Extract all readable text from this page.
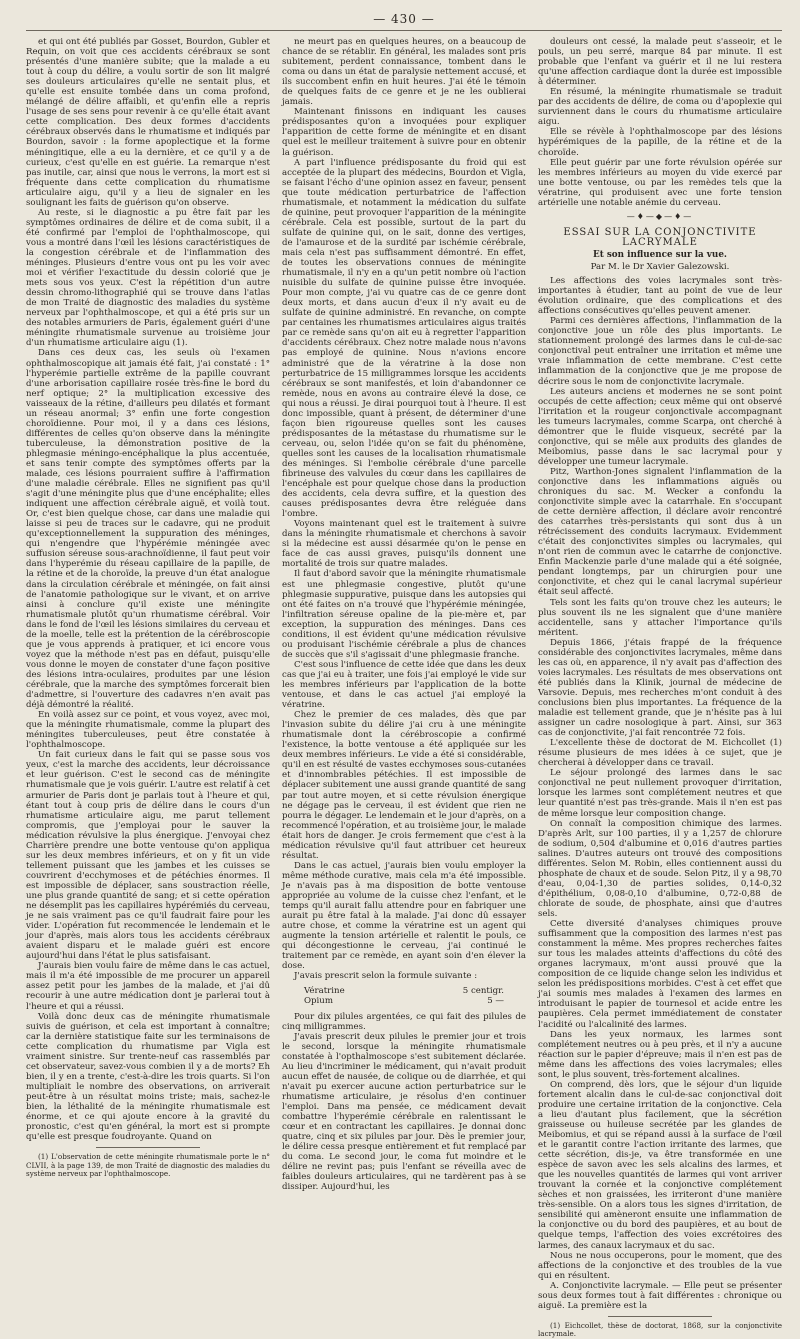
— 430 —

et qui ont été publiés par Gosset, Bourdon, Gubler et Requin, on voit que ces accidents cérébraux se sont présentés d'une manière subite; que la malade a eu tout à coup du délire, a voulu sortir de son lit malgré ses douleurs articulaires qu'elle ne sentait plus, et qu'elle est ensuite tombée dans un coma profond, mélangé de délire affaibli, et qu'enfin elle a repris l'usage de ses sens pour revenir à ce qu'elle était avant cette complication. Des deux formes d'accidents cérébraux observés dans le rhumatisme et indiqués par Bourdon, savoir : la forme apoplectique et la forme méningitique, elle a eu la dernière, et ce qu'il y a de curieux, c'est qu'elle en est guérie. La remarque n'est pas inutile, car, ainsi que nous le verrons, la mort est si fréquente dans cette complication du rhumatisme articulaire aigu, qu'il y a lieu de signaler en les soulignant les faits de guérison qu'on observe.

Au reste, si le diagnostic a pu être fait par les symptômes ordinaires de délire et de coma subit, il a été confirmé par l'emploi de l'ophthalmoscope, qui vous a montré dans l'œil les lésions caractéristiques de la congestion cérébrale et de l'inflammation des méninges. Plusieurs d'entre vous ont pu les voir avec moi et vérifier l'exactitude du dessin colorié que je mets sous vos yeux. C'est la répétition d'un autre dessin chromo-lithographié qui se trouve dans l'atlas de mon Traité de diagnostic des maladies du système nerveux par l'ophthalmoscope, et qui a été pris sur un des notables armuriers de Paris, également guéri d'une méningite rhumatismale survenue au troisième jour d'un rhumatisme articulaire aigu (1).

Dans ces deux cas, les seuls où l'examen ophthalmoscopique ait jamais été fait, j'ai constaté : 1° l'hyperémie partielle extrême de la papille couvrant d'une arborisation capillaire rosée très-fine le bord du nerf optique; 2° la multiplication excessive des vaisseaux de la rétine, d'ailleurs peu dilatés et formant un réseau anormal; 3° enfin une forte congestion choroïdienne. Pour moi, il y a dans ces lésions, différentes de celles qu'on observe dans la méningite tuberculeuse, la démonstration positive de la phlegmasie méningo-encéphalique la plus accentuée, et sans tenir compte des symptômes offerts par la malade, ces lésions pourraient suffire à l'affirmation d'une maladie cérébrale. Elles ne signifient pas qu'il s'agit d'une méningite plus que d'une encéphalite; elles indiquent une affection cérébrale aiguë, et voilà tout. Or, c'est bien quelque chose, car dans une maladie qui laisse si peu de traces sur le cadavre, qui ne produit qu'exceptionnellement la suppuration des méninges, qui n'engendre que l'hypérémie méningée avec suffusion séreuse sous-arachnoïdienne, il faut peut voir dans l'hyperémie du réseau capillaire de la papille, de la rétine et de la choroïde, la preuve d'un état analogue dans la circulation cérébrale et méningée, on fait ainsi de l'anatomie pathologique sur le vivant, et on arrive ainsi à conclure qu'il existe une méningite rhumatismale plutôt qu'un rhumatisme cérébral. Voir dans le fond de l'œil les lésions similaires du cerveau et de la moelle, telle est la prétention de la cérébroscopie que je vous apprends à pratiquer, et ici encore vous voyez que la méthode n'est pas en défaut, puisqu'elle vous donne le moyen de constater d'une façon positive des lésions intra-oculaires, produites par une lésion cérébrale, que la marche des symptômes forcerait bien d'admettre, si l'ouverture des cadavres n'en avait pas déjà démontré la réalité.

En voilà assez sur ce point, et vous voyez, avec moi, que la méningite rhumatismale, comme la plupart des méningites tuberculeuses, peut être constatée à l'ophthalmoscope.

Un fait curieux dans le fait qui se passe sous vos yeux, c'est la marche des accidents, leur décroissance et leur guérison. C'est le second cas de méningite rhumatismale que je vois guérir. L'autre est relatif à cet armurier de Paris dont je parlais tout à l'heure et qui, étant tout à coup pris de délire dans le cours d'un rhumatisme articulaire aigu, me parut tellement compromis, que j'employai pour le sauver la médication révulsive la plus énergique. J'envoyai chez Charrière prendre une botte ventouse qu'on appliqua sur les deux membres inférieurs, et on y fit un vide tellement puissant que les jambes et les cuisses se couvrirent d'ecchymoses et de pétéchies énormes. Il est impossible de déplacer, sans soustraction réelle, une plus grande quantité de sang; et si cette opération ne désemplit pas les capillaires hypérémiés du cerveau, je ne sais vraiment pas ce qu'il faudrait faire pour les vider. L'opération fut recommencée le lendemain et le jour d'après, mais alors tous les accidents cérébraux avaient disparu et le malade guéri est encore aujourd'hui dans l'état le plus satisfaisant.

J'aurais bien voulu faire de même dans le cas actuel, mais il m'a été impossible de me procurer un appareil assez petit pour les jambes de la malade, et j'ai dû recourir à une autre médication dont je parlerai tout à l'heure et qui a réussi.

Voilà donc deux cas de méningite rhumatismale suivis de guérison, et cela est important à connaître; car la dernière statistique faite sur les terminaisons de cette complication du rhumatisme par Vigla est vraiment sinistre. Sur trente-neuf cas rassemblés par cet observateur, savez-vous combien il y a de morts? Eh bien, il y en a trente, c'est-à-dire les trois quarts. Si l'on multipliait le nombre des observations, on arriverait peut-être à un résultat moins triste; mais, sachez-le bien, la léthalité de la méningite rhumatismale est énorme, et ce qui ajoute encore à la gravité du pronostic, c'est qu'en général, la mort est si prompte qu'elle est presque foudroyante. Quand on

(1) L'observation de cette méningite rhumatismale porte le n° CLVII, à la page 139, de mon Traité de diagnostic des maladies du système nerveux par l'ophthalmoscope.

ne meurt pas en quelques heures, on a beaucoup de chance de se rétablir. En général, les malades sont pris subitement, perdent connaissance, tombent dans le coma ou dans un état de paralysie nettement accusé, et ils succombent enfin en huit heures. J'ai été le témoin de quelques faits de ce genre et je ne les oublierai jamais.

Maintenant finissons en indiquant les causes prédisposantes qu'on a invoquées pour expliquer l'apparition de cette forme de méningite et en disant quel est le meilleur traitement à suivre pour en obtenir la guérison.

A part l'influence prédisposante du froid qui est acceptée de la plupart des médecins, Bourdon et Vigla, se faisant l'écho d'une opinion assez en faveur, pensent que toute médication perturbatrice de l'affection rhumatismale, et notamment la médication du sulfate de quinine, peut provoquer l'apparition de la méningite cérébrale. Cela est possible, surtout de la part du sulfate de quinine qui, on le sait, donne des vertiges, de l'amaurose et de la surdité par ischémie cérébrale, mais cela n'est pas suffisamment démontré. En effet, de toutes les observations connues de méningite rhumatismale, il n'y en a qu'un petit nombre où l'action nuisible du sulfate de quinine puisse être invoquée. Pour mon compte, j'ai vu quatre cas de ce genre dont deux morts, et dans aucun d'eux il n'y avait eu de sulfate de quinine administré. En revanche, on compte par centaines les rhumatismes articulaires aigus traités par ce remède sans qu'on ait eu à regretter l'apparition d'accidents cérébraux. Chez notre malade nous n'avons pas employé de quinine. Nous n'avions encore administré que de la vératrine à la dose non perturbatrice de 15 milligrammes lorsque les accidents cérébraux se sont manifestés, et loin d'abandonner ce remède, nous en avons au contraire élevé la dose, ce qui nous a réussi. Je dirai pourquoi tout à l'heure. Il est donc impossible, quant à présent, de déterminer d'une façon bien rigoureuse quelles sont les causes prédisposantes de la métastase du rhumatisme sur le cerveau, ou, selon l'idée qu'on se fait du phénomène, quelles sont les causes de la localisation rhumatismale des méninges. Si l'embolie cérébrale d'une parcelle fibrineuse des valvules du cœur dans les capillaires de l'encéphale est pour quelque chose dans la production des accidents, cela devra suffire, et la question des causes prédisposantes devra être reléguée dans l'ombre.

Voyons maintenant quel est le traitement à suivre dans la méningite rhumatismale et cherchons à savoir si la médecine est aussi désarmée qu'on le pense en face de cas aussi graves, puisqu'ils donnent une mortalité de trois sur quatre malades.

Il faut d'abord savoir que la méningite rhumatismale est une phlegmasie congestive, plutôt qu'une phlegmasie suppurative, puisque dans les autopsies qui ont été faites on n'a trouvé que l'hypérémie méningée, l'infiltration séreuse opaline de la pie-mère et, par exception, la suppuration des méninges. Dans ces conditions, il est évident qu'une médication révulsive ou produisant l'ischémie cérébrale a plus de chances de succès que s'il s'agissait d'une phlegmasie franche.

C'est sous l'influence de cette idée que dans les deux cas que j'ai eu à traiter, une fois j'ai employé le vide sur les membres inférieurs par l'application de la botte ventouse, et dans le cas actuel j'ai employé la vératrine.

Chez le premier de ces malades, dès que par l'invasion subite du délire j'ai cru à une méningite rhumatismale dont la cérébroscopie a confirmé l'existence, la botte ventouse a été appliquée sur les deux membres inférieurs. Le vide a été si considérable, qu'il en est résulté de vastes ecchymoses sous-cutanées et d'innombrables pétéchies. Il est impossible de déplacer subitement une aussi grande quantité de sang par tout autre moyen, et si cette révulsion énergique ne dégage pas le cerveau, il est évident que rien ne pourra le dégager. Le lendemain et le jour d'après, on a recommencé l'opération, et au troisième jour, le malade était hors de danger. Je crois fermement que c'est à la médication révulsive qu'il faut attribuer cet heureux résultat.

Dans le cas actuel, j'aurais bien voulu employer la même méthode curative, mais cela m'a été impossible. Je n'avais pas à ma disposition de botte ventouse appropriée au volume de la cuisse chez l'enfant, et le temps qu'il aurait fallu attendre pour en fabriquer une aurait pu être fatal à la malade. J'ai donc dû essayer autre chose, et comme la vératrine est un agent qui augmente la tension artérielle et ralentit le pouls, ce qui décongestionne le cerveau, j'ai continué le traitement par ce remède, en ayant soin d'en élever la dose.

J'avais prescrit selon la formule suivante :

Vératrine	5 centigr.
Opium	5 —

Pour dix pilules argentées, ce qui fait des pilules de cinq milligrammes.

J'avais prescrit deux pilules le premier jour et trois le second, lorsque la méningite rhumatismale constatée à l'opthalmoscope s'est subitement déclarée. Au lieu d'incriminer le médicament, qui n'avait produit aucun effet de nausée, de colique ou de diarrhée, et qui n'avait pu exercer aucune action perturbatrice sur le rhumatisme articulaire, je résolus d'en continuer l'emploi. Dans ma pensée, ce médicament devait combattre l'hyperémie cérébrale en ralentissant le cœur et en contractant les capillaires. Je donnai donc quatre, cinq et six pilules par jour. Dès le premier jour, le délire cessa presque entièrement et fut remplacé par du coma. Le second jour, le coma fut moindre et le délire ne revint pas; puis l'enfant se réveilla avec de faibles douleurs articulaires, qui ne tardèrent pas à se dissiper. Aujourd'hui, les

douleurs ont cessé, la malade peut s'asseoir, et le pouls, un peu serré, marque 84 par minute. Il est probable que l'enfant va guérir et il ne lui restera qu'une affection cardiaque dont la durée est impossible à déterminer.

En résumé, la méningite rhumatismale se traduit par des accidents de délire, de coma ou d'apoplexie qui surviennent dans le cours du rhumatisme articulaire aigu.

Elle se révèle à l'ophthalmoscope par des lésions hypérémiques de la papille, de la rétine et de la choroïde.

Elle peut guérir par une forte révulsion opérée sur les membres inférieurs au moyen du vide exercé par une botte ventouse, ou par les remèdes tels que la vératrine, qui produisent avec une forte tension artérielle une notable anémie du cerveau.

—♦—◆—♦—
ESSAI SUR LA CONJONCTIVITE LACRYMALE
Et son influence sur la vue.
Par M. le Dr Xavier Galezowski.

Les affections des voies lacrymales sont très-importantes à étudier, tant au point de vue de leur évolution ordinaire, que des complications et des affections consécutives qu'elles peuvent amener.

Parmi ces dernières affections, l'inflammation de la conjonctive joue un rôle des plus importants. Le stationnement prolongé des larmes dans le cul-de-sac conjonctival peut entraîner une irritation et même une vraie inflammation de cette membrane. C'est cette inflammation de la conjonctive que je me propose de décrire sous le nom de conjonctivite lacrymale.

Les auteurs anciens et modernes ne se sont point occupés de cette affection; ceux même qui ont observé l'irritation et la rougeur conjonctivale accompagnant les tumeurs lacrymales, comme Scarpa, ont cherché à démontrer que le fluide visqueux, secrété par la conjonctive, qui se mêle aux produits des glandes de Meibomius, passe dans le sac lacrymal pour y développer une tumeur lacrymale.

Pitz, Warthon-Jones signalent l'inflammation de la conjonctive dans les inflammations aiguës ou chroniques du sac. M. Wecker a confondu la conjonctivite simple avec la catarrhale. En s'occupant de cette dernière affection, il déclare avoir rencontré des catarrhes très-persistants qui sont dus à un rétrécissement des conduits lacrymaux. Evidemment c'était des conjonctivites simples ou lacrymales, qui n'ont rien de commun avec le catarrhe de conjonctive. Enfin Mackenzie parle d'une malade qui a été soignée, pendant longtemps, par un chirurgien pour une conjonctivite, et chez qui le canal lacrymal supérieur était seul affecté.

Tels sont les faits qu'on trouve chez les auteurs; le plus souvent ils ne les signalent que d'une manière accidentelle, sans y attacher l'importance qu'ils méritent.

Depuis 1866, j'étais frappé de la fréquence considérable des conjonctivites lacrymales, même dans les cas où, en apparence, il n'y avait pas d'affection des voies lacrymales. Les résultats de mes observations ont été publiés dans la Klinik, journal de médecine de Varsovie. Depuis, mes recherches m'ont conduit à des conclusions bien plus importantes. La fréquence de la maladie est tellement grande, que je n'hésite pas à lui assigner un cadre nosologique à part. Ainsi, sur 363 cas de conjonctivite, j'ai fait rencontrée 72 fois.

L'excellente thèse de doctorat de M. Eichcollet (1) résume plusieurs de mes idées à ce sujet, que je chercherai à développer dans ce travail.

Le séjour prolongé des larmes dans le sac conjonctival ne peut nullement provoquer d'irritation, lorsque les larmes sont complétement neutres et que leur quantité n'est pas très-grande. Mais il n'en est pas de même lorsque leur composition change.

On connaît la composition chimique des larmes. D'après Arlt, sur 100 parties, il y a 1,257 de chlorure de sodium, 0,504 d'albumine et 0,016 d'autres parties salines. D'autres auteurs ont trouvé des compositions différentes. Selon M. Robin, elles contiennent aussi du phosphate de chaux et de soude. Selon Pitz, il y a 98,70 d'eau, 0,04-1,30 de parties solides, 0,14-0,32 d'épithélium, 0,08-0,10 d'albumine, 0,72-0,88 de chlorate de soude, de phosphate, ainsi que d'autres sels.

Cette diversité d'analyses chimiques prouve suffisamment que la composition des larmes n'est pas constamment la même. Mes propres recherches faites sur tous les malades atteints d'affections du côté des organes lacrymaux, m'ont aussi prouvé que la composition de ce liquide change selon les individus et selon les prédispositions morbides. C'est à cet effet que j'ai soumis mes malades à l'examen des larmes en introduisant le papier de tournesol et acide entre les paupières. Cela permet immédiatement de constater l'acidité ou l'alcalinité des larmes.

Dans les yeux normaux, les larmes sont complétement neutres ou à peu près, et il n'y a aucune réaction sur le papier d'épreuve; mais il n'en est pas de même dans les affections des voies lacrymales; elles sont, le plus souvent, très-fortement alcalines.

On comprend, dès lors, que le séjour d'un liquide fortement alcalin dans le cul-de-sac conjonctival doit produire une certaine irritation de la conjonctive. Cela a lieu d'autant plus facilement, que la sécrétion graisseuse ou huileuse secrétée par les glandes de Meibomius, et qui se répand aussi à la surface de l'œil et le garantit contre l'action irritante des larmes, que cette sécrétion, dis-je, va être transformée en une espèce de savon avec les sels alcalins des larmes, et que les nouvelles quantités de larmes qui vont arriver trouvant la cornée et la conjonctive complétement sèches et non graissées, les irriteront d'une manière très-sensible. On a alors tous les signes d'irritation, de sensibilité qui amèneront ensuite une inflammation de la conjonctive ou du bord des paupières, et au bout de quelque temps, l'affection des voies excrétoires des larmes, des canaux lacrymaux et du sac.

Nous ne nous occuperons, pour le moment, que des affections de la conjonctive et des troubles de la vue qui en résultent.

A. Conjonctivite lacrymale. — Elle peut se présenter sous deux formes tout à fait différentes : chronique ou aiguë. La première est la

(1) Eichcollet, thèse de doctorat, 1868, sur la conjonctivite lacrymale.
